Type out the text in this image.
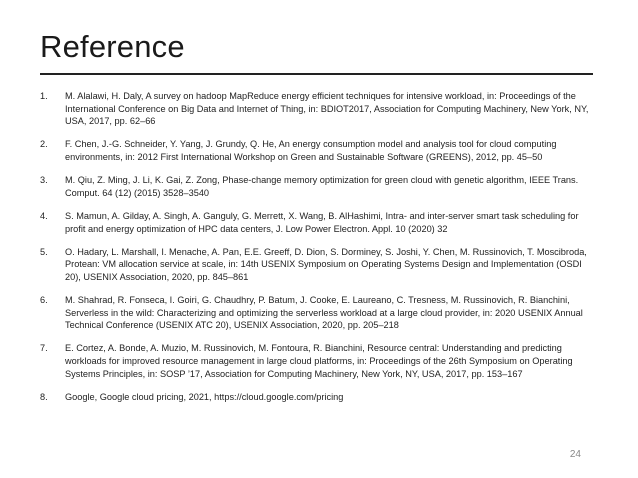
Reference
1.	M. Alalawi, H. Daly, A survey on hadoop MapReduce energy efficient techniques for intensive workload, in: Proceedings of the International Conference on Big Data and Internet of Thing, in: BDIOT2017, Association for Computing Machinery, New York, NY, USA, 2017, pp. 62–66
2.	F. Chen, J.-G. Schneider, Y. Yang, J. Grundy, Q. He, An energy consumption model and analysis tool for cloud computing environments, in: 2012 First International Workshop on Green and Sustainable Software (GREENS), 2012, pp. 45–50
3.	M. Qiu, Z. Ming, J. Li, K. Gai, Z. Zong, Phase-change memory optimization for green cloud with genetic algorithm, IEEE Trans. Comput. 64 (12) (2015) 3528–3540
4.	S. Mamun, A. Gilday, A. Singh, A. Ganguly, G. Merrett, X. Wang, B. AlHashimi, Intra- and inter-server smart task scheduling for profit and energy optimization of HPC data centers, J. Low Power Electron. Appl. 10 (2020) 32
5.	O. Hadary, L. Marshall, I. Menache, A. Pan, E.E. Greeff, D. Dion, S. Dorminey, S. Joshi, Y. Chen, M. Russinovich, T. Moscibroda, Protean: VM allocation service at scale, in: 14th USENIX Symposium on Operating Systems Design and Implementation (OSDI 20), USENIX Association, 2020, pp. 845–861
6.	M. Shahrad, R. Fonseca, I. Goiri, G. Chaudhry, P. Batum, J. Cooke, E. Laureano, C. Tresness, M. Russinovich, R. Bianchini, Serverless in the wild: Characterizing and optimizing the serverless workload at a large cloud provider, in: 2020 USENIX Annual Technical Conference (USENIX ATC 20), USENIX Association, 2020, pp. 205–218
7.	E. Cortez, A. Bonde, A. Muzio, M. Russinovich, M. Fontoura, R. Bianchini, Resource central: Understanding and predicting workloads for improved resource management in large cloud platforms, in: Proceedings of the 26th Symposium on Operating Systems Principles, in: SOSP ’17, Association for Computing Machinery, New York, NY, USA, 2017, pp. 153–167
8.	Google, Google cloud pricing, 2021, https://cloud.google.com/pricing
24
